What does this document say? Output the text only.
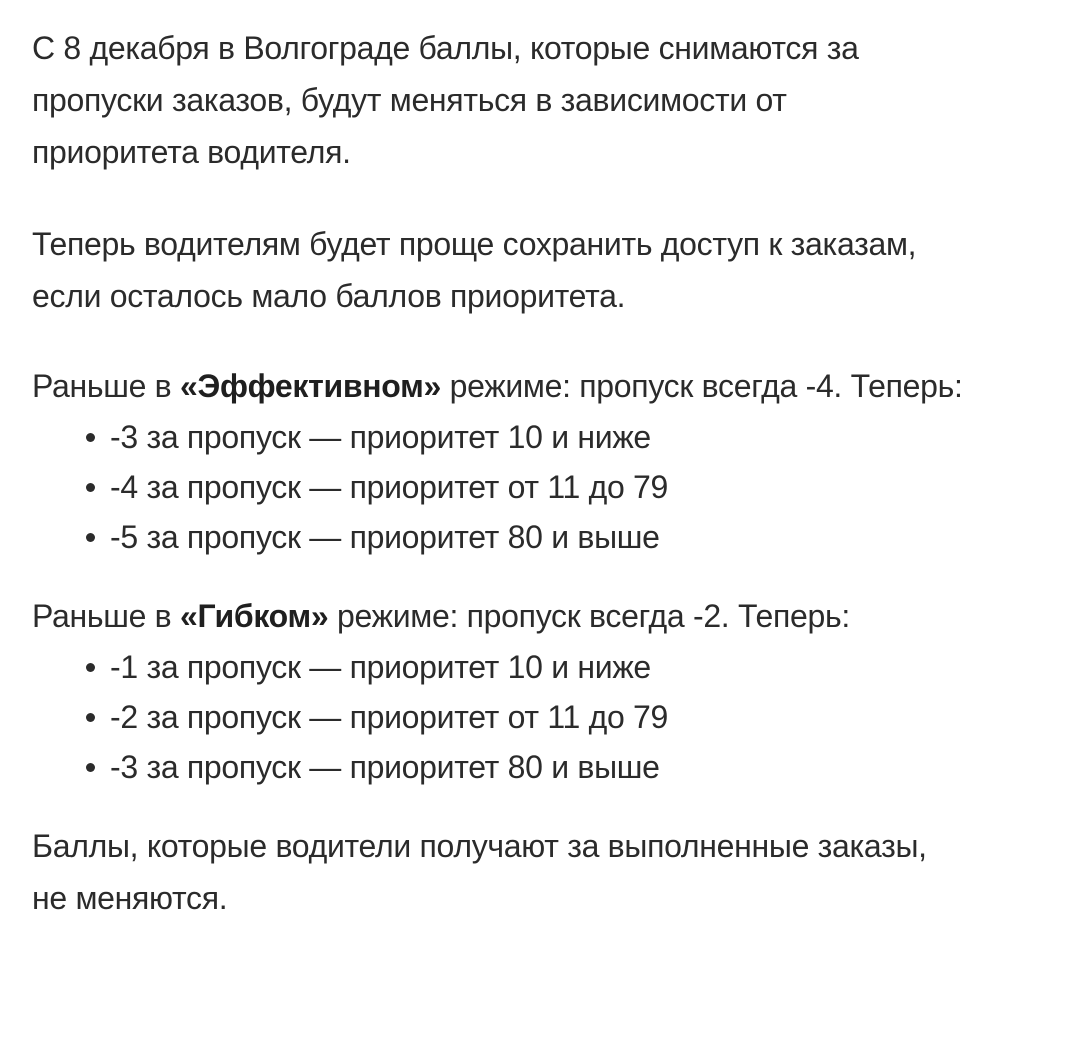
С 8 декабря в Волгограде баллы, которые снимаются за
пропуски заказов, будут меняться в зависимости от
приоритета водителя.

Теперь водителям будет проще сохранить доступ к заказам,
если осталось мало баллов приоритета.

Раньше в «Эффективном» режиме: пропуск всегда -4. Теперь:

-3 за пропуск — приоритет 10 и ниже
-4 за пропуск — приоритет от 11 до 79
-5 за пропуск — приоритет 80 и выше

Раньше в «Гибком» режиме: пропуск всегда -2. Теперь:

-1 за пропуск — приоритет 10 и ниже
-2 за пропуск — приоритет от 11 до 79
-3 за пропуск — приоритет 80 и выше

Баллы, которые водители получают за выполненные заказы,
не меняются.
